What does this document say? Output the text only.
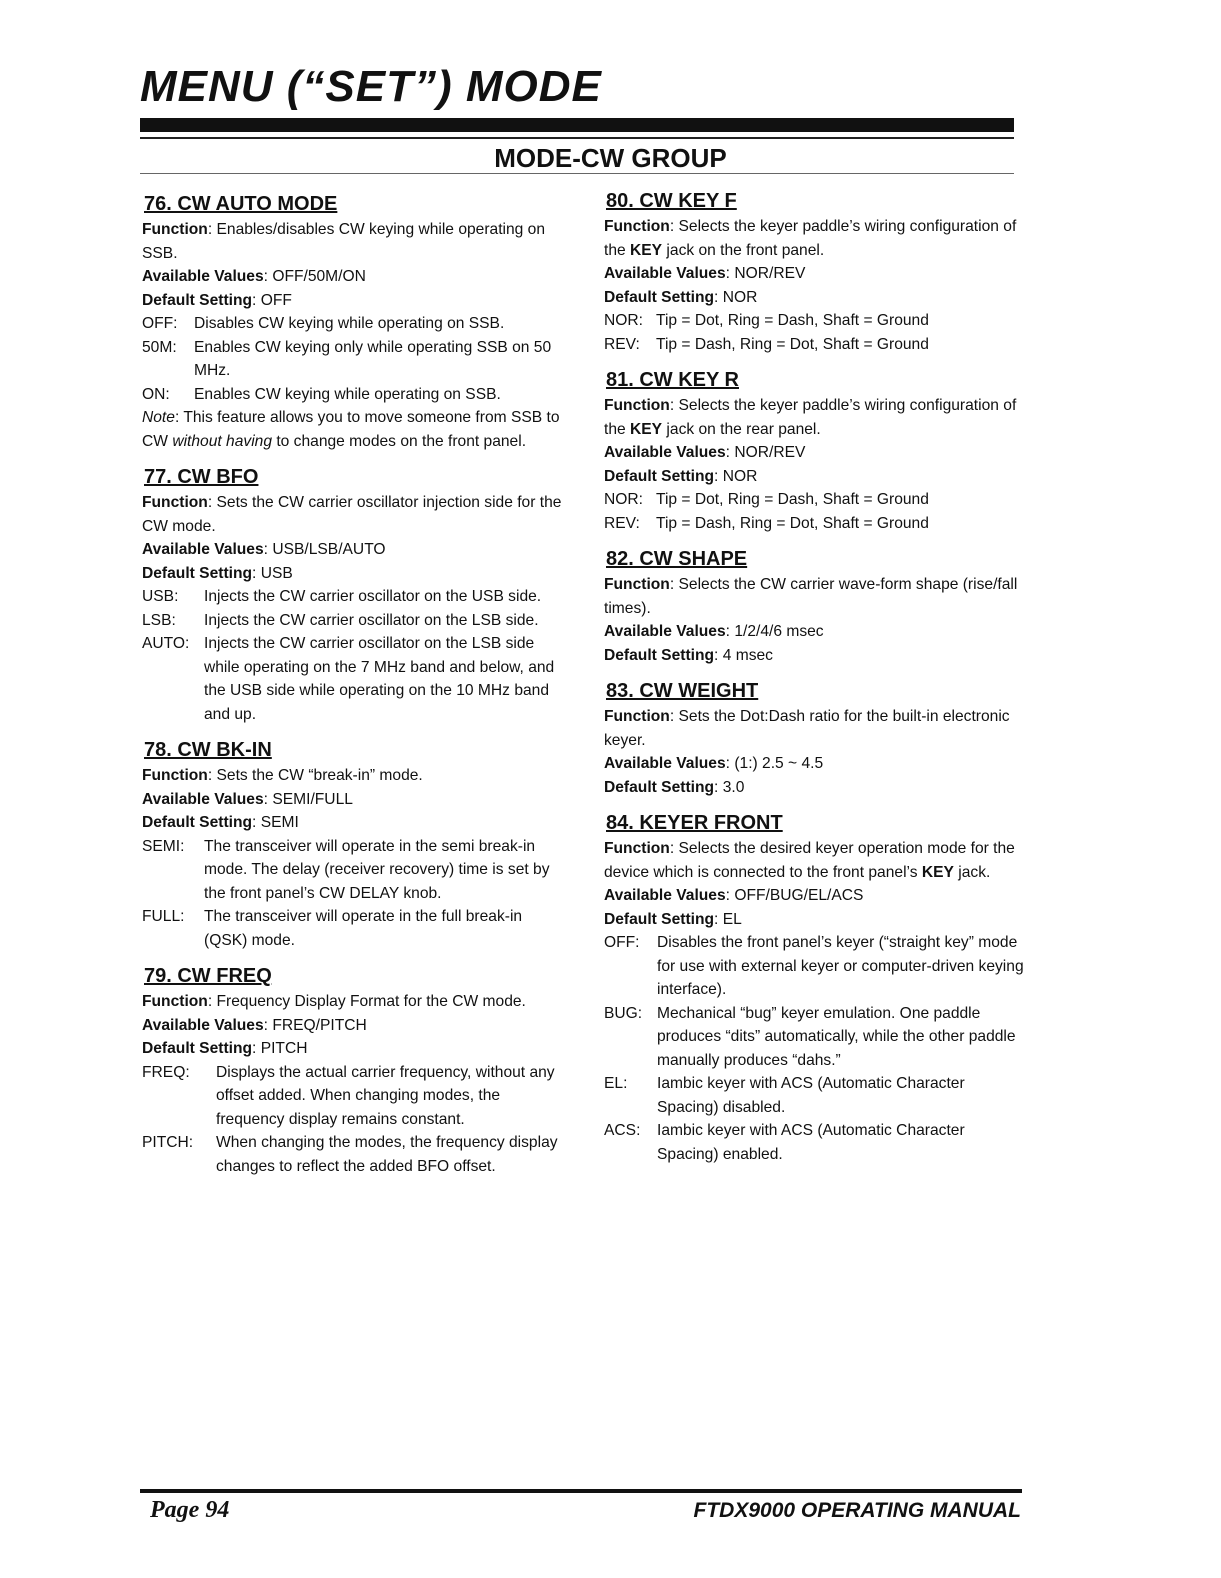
MENU (“SET”) MODE
MODE-CW GROUP
76. CW AUTO MODE
Function: Enables/disables CW keying while operating on SSB.
Available Values: OFF/50M/ON
Default Setting: OFF
OFF:	Disables CW keying while operating on SSB.
50M:	Enables CW keying only while operating SSB on 50 MHz.
ON:	Enables CW keying while operating on SSB.
Note: This feature allows you to move someone from SSB to CW without having to change modes on the front panel.
77. CW BFO
Function: Sets the CW carrier oscillator injection side for the CW mode.
Available Values: USB/LSB/AUTO
Default Setting: USB
USB:	Injects the CW carrier oscillator on the USB side.
LSB:	Injects the CW carrier oscillator on the LSB side.
AUTO: Injects the CW carrier oscillator on the LSB side while operating on the 7 MHz band and below, and the USB side while operating on the 10 MHz band and up.
78. CW BK-IN
Function: Sets the CW “break-in” mode.
Available Values: SEMI/FULL
Default Setting: SEMI
SEMI:	The transceiver will operate in the semi break-in mode. The delay (receiver recovery) time is set by the front panel’s CW DELAY knob.
FULL:	The transceiver will operate in the full break-in (QSK) mode.
79. CW FREQ
Function: Frequency Display Format for the CW mode.
Available Values: FREQ/PITCH
Default Setting: PITCH
FREQ:	Displays the actual carrier frequency, without any offset added. When changing modes, the frequency display remains constant.
PITCH:	When changing the modes, the frequency display changes to reflect the added BFO offset.
80. CW KEY F
Function: Selects the keyer paddle’s wiring configuration of the KEY jack on the front panel.
Available Values: NOR/REV
Default Setting: NOR
NOR: Tip = Dot, Ring = Dash, Shaft = Ground
REV:	Tip = Dash, Ring = Dot, Shaft = Ground
81. CW KEY R
Function: Selects the keyer paddle’s wiring configuration of the KEY jack on the rear panel.
Available Values: NOR/REV
Default Setting: NOR
NOR: Tip = Dot, Ring = Dash, Shaft = Ground
REV:	Tip = Dash, Ring = Dot, Shaft = Ground
82. CW SHAPE
Function: Selects the CW carrier wave-form shape (rise/fall times).
Available Values: 1/2/4/6 msec
Default Setting: 4 msec
83. CW WEIGHT
Function: Sets the Dot:Dash ratio for the built-in electronic keyer.
Available Values: (1:) 2.5 ~ 4.5
Default Setting: 3.0
84. KEYER FRONT
Function: Selects the desired keyer operation mode for the device which is connected to the front panel’s KEY jack.
Available Values: OFF/BUG/EL/ACS
Default Setting: EL
OFF:	Disables the front panel’s keyer (“straight key” mode for use with external keyer or computer-driven keying interface).
BUG: Mechanical “bug” keyer emulation. One paddle produces “dits” automatically, while the other paddle manually produces “dahs.”
EL:	Iambic keyer with ACS (Automatic Character Spacing) disabled.
ACS:	Iambic keyer with ACS (Automatic Character Spacing) enabled.
Page 94	FTDX9000 OPERATING MANUAL
